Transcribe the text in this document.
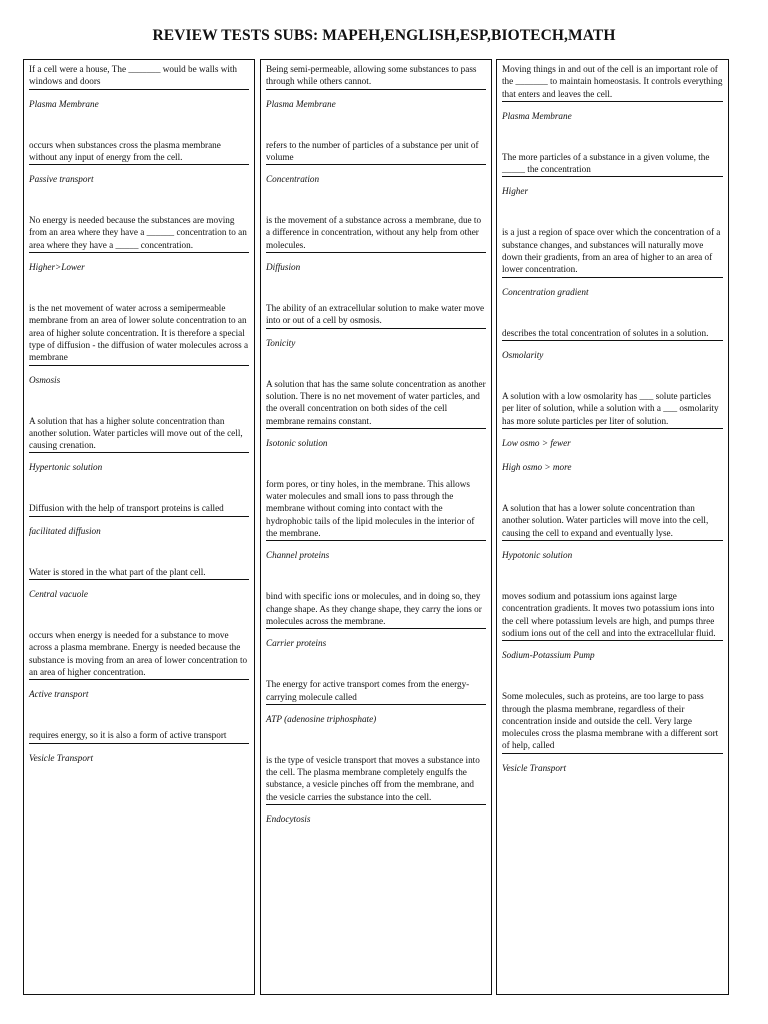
REVIEW TESTS SUBS: MAPEH,ENGLISH,ESP,BIOTECH,MATH
If a cell were a house, The _______ would be walls with windows and doors
Plasma Membrane
occurs when substances cross the plasma membrane without any input of energy from the cell.
Passive transport
No energy is needed because the substances are moving from an area where they have a ______ concentration to an area where they have a _____ concentration.
Higher>Lower
is the net movement of water across a semipermeable membrane from an area of lower solute concentration to an area of higher solute concentration. It is therefore a special type of diffusion - the diffusion of water molecules across a membrane
Osmosis
A solution that has a higher solute concentration than another solution. Water particles will move out of the cell, causing crenation.
Hypertonic solution
Diffusion with the help of transport proteins is called
facilitated diffusion
Water is stored in the what part of the plant cell.
Central vacuole
occurs when energy is needed for a substance to move across a plasma membrane. Energy is needed because the substance is moving from an area of lower concentration to an area of higher concentration.
Active transport
requires energy, so it is also a form of active transport
Vesicle Transport
Being semi-permeable, allowing some substances to pass through while others cannot.
Plasma Membrane
refers to the number of particles of a substance per unit of volume
Concentration
is the movement of a substance across a membrane, due to a difference in concentration, without any help from other molecules.
Diffusion
The ability of an extracellular solution to make water move into or out of a cell by osmosis.
Tonicity
A solution that has the same solute concentration as another solution. There is no net movement of water particles, and the overall concentration on both sides of the cell membrane remains constant.
Isotonic solution
form pores, or tiny holes, in the membrane. This allows water molecules and small ions to pass through the membrane without coming into contact with the hydrophobic tails of the lipid molecules in the interior of the membrane.
Channel proteins
bind with specific ions or molecules, and in doing so, they change shape. As they change shape, they carry the ions or molecules across the membrane.
Carrier proteins
The energy for active transport comes from the energy-carrying molecule called
ATP (adenosine triphosphate)
is the type of vesicle transport that moves a substance into the cell. The plasma membrane completely engulfs the substance, a vesicle pinches off from the membrane, and the vesicle carries the substance into the cell.
Endocytosis
Moving things in and out of the cell is an important role of the _______ to maintain homeostasis. It controls everything that enters and leaves the cell.
Plasma Membrane
The more particles of a substance in a given volume, the _____ the concentration
Higher
is a just a region of space over which the concentration of a substance changes, and substances will naturally move down their gradients, from an area of higher to an area of lower concentration.
Concentration gradient
describes the total concentration of solutes in a solution.
Osmolarity
A solution with a low osmolarity has ___ solute particles per liter of solution, while a solution with a ___ osmolarity has more solute particles per liter of solution.
Low osmo > fewer
High osmo > more
A solution that has a lower solute concentration than another solution. Water particles will move into the cell, causing the cell to expand and eventually lyse.
Hypotonic solution
moves sodium and potassium ions against large concentration gradients. It moves two potassium ions into the cell where potassium levels are high, and pumps three sodium ions out of the cell and into the extracellular fluid.
Sodium-Potassium Pump
Some molecules, such as proteins, are too large to pass through the plasma membrane, regardless of their concentration inside and outside the cell. Very large molecules cross the plasma membrane with a different sort of help, called
Vesicle Transport
